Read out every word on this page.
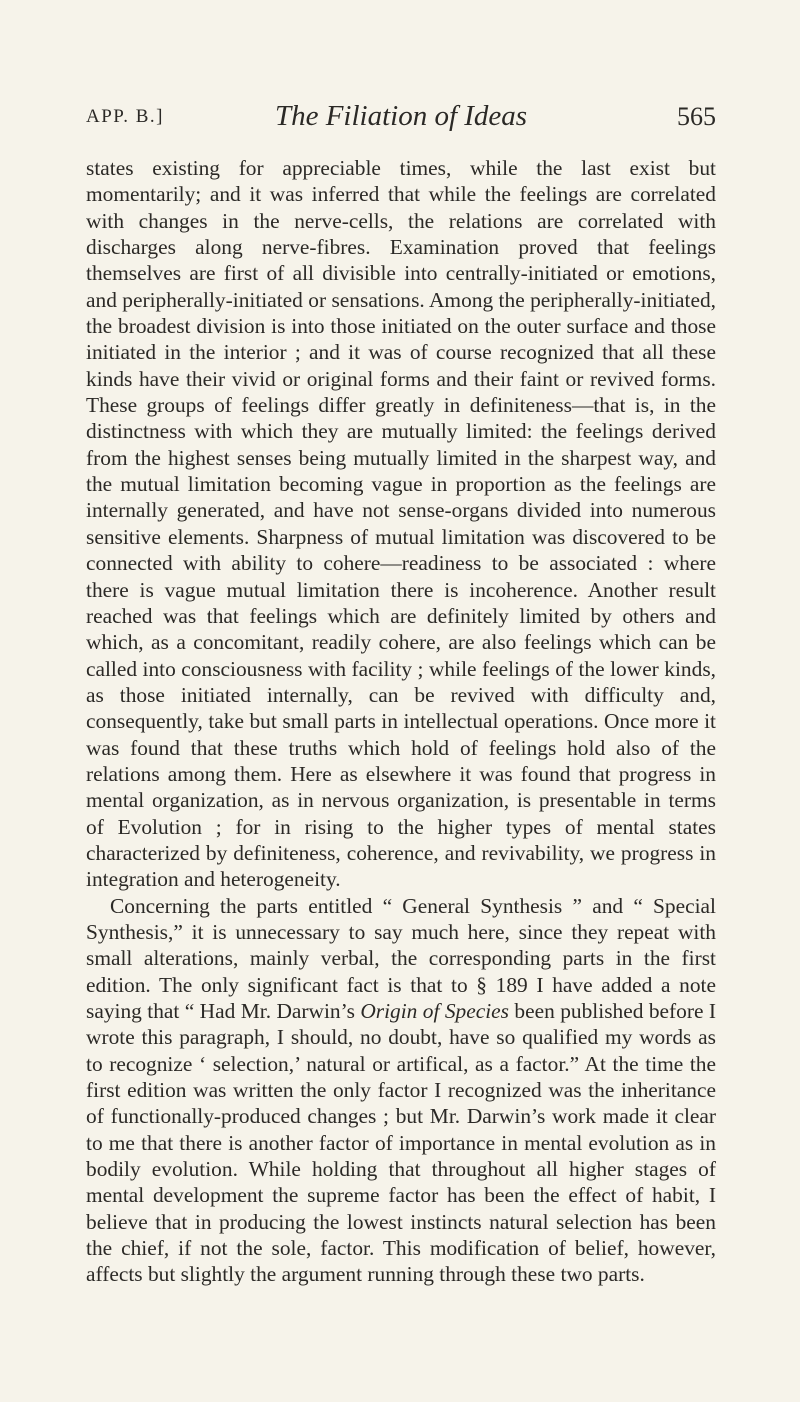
APP. B.]	The Filiation of Ideas	565

states existing for appreciable times, while the last exist but momentarily; and it was inferred that while the feelings are correlated with changes in the nerve-cells, the relations are correlated with discharges along nerve-fibres. Examination proved that feelings themselves are first of all divisible into centrally-initiated or emotions, and peripherally-initiated or sensations. Among the peripherally-initiated, the broadest division is into those initiated on the outer surface and those initiated in the interior ; and it was of course recognized that all these kinds have their vivid or original forms and their faint or revived forms. These groups of feelings differ greatly in definiteness—that is, in the distinctness with which they are mutually limited: the feelings derived from the highest senses being mutually limited in the sharpest way, and the mutual limitation becoming vague in proportion as the feelings are internally generated, and have not sense-organs divided into numerous sensitive elements. Sharpness of mutual limitation was discovered to be connected with ability to cohere—readiness to be associated : where there is vague mutual limitation there is incoherence. Another result reached was that feelings which are definitely limited by others and which, as a concomitant, readily cohere, are also feelings which can be called into consciousness with facility ; while feelings of the lower kinds, as those initiated internally, can be revived with difficulty and, consequently, take but small parts in intellectual operations. Once more it was found that these truths which hold of feelings hold also of the relations among them. Here as elsewhere it was found that progress in mental organization, as in nervous organization, is presentable in terms of Evolution ; for in rising to the higher types of mental states characterized by definiteness, coherence, and revivability, we progress in integration and heterogeneity.

Concerning the parts entitled “ General Synthesis ” and “ Special Synthesis,” it is unnecessary to say much here, since they repeat with small alterations, mainly verbal, the corresponding parts in the first edition. The only significant fact is that to § 189 I have added a note saying that “ Had Mr. Darwin’s Origin of Species been published before I wrote this paragraph, I should, no doubt, have so qualified my words as to recognize ‘ selection,’ natural or artifical, as a factor.” At the time the first edition was written the only factor I recognized was the inheritance of functionally-produced changes ; but Mr. Darwin’s work made it clear to me that there is another factor of importance in mental evolution as in bodily evolution. While holding that throughout all higher stages of mental development the supreme factor has been the effect of habit, I believe that in producing the lowest instincts natural selection has been the chief, if not the sole, factor. This modification of belief, however, affects but slightly the argument running through these two parts.
